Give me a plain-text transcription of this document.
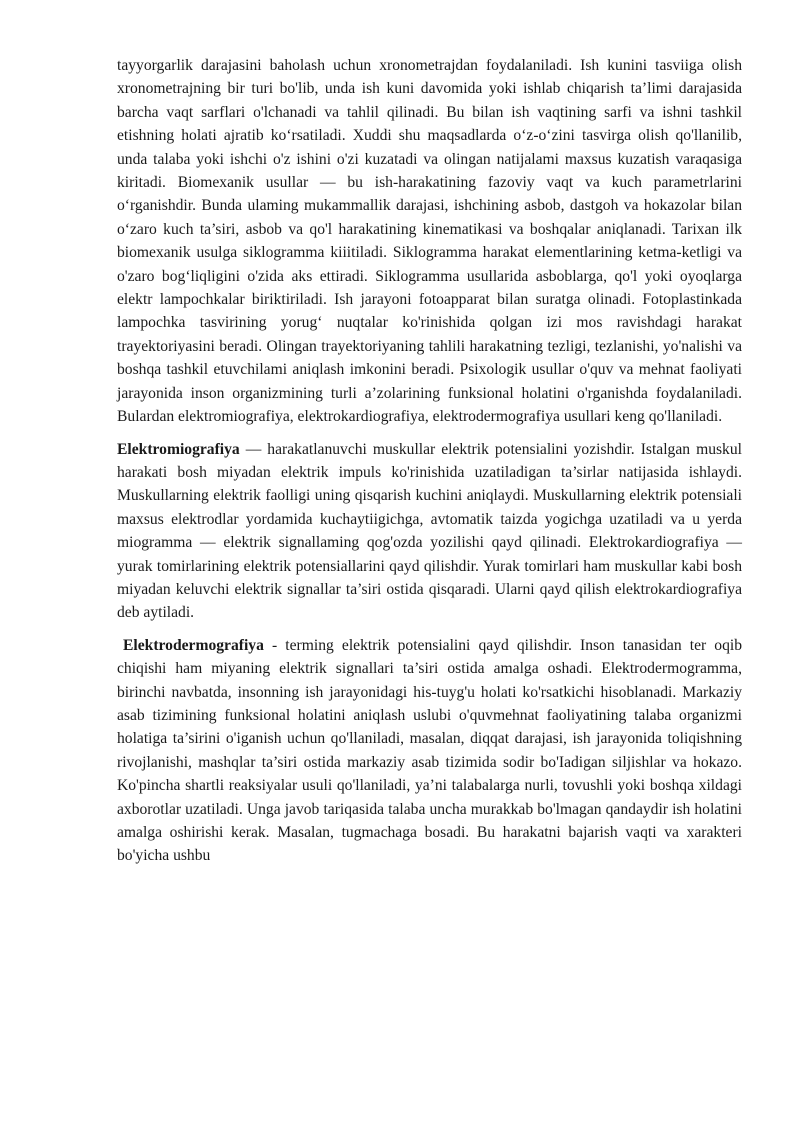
tayyorgarlik darajasini baholash uchun xronometrajdan foydalaniladi. Ish kunini tasviiga olish xronometrajning bir turi bo'lib, unda ish kuni davomida yoki ishlab chiqarish ta’limi darajasida barcha vaqt sarflari o'lchanadi va tahlil qilinadi. Bu bilan ish vaqtining sarfi va ishni tashkil etishning holati ajratib ko‘rsatiladi. Xuddi shu maqsadlarda o‘z-o‘zini tasvirga olish qo'llanilib, unda talaba yoki ishchi o'z ishini o'zi kuzatadi va olingan natijalami maxsus kuzatish varaqasiga kiritadi. Biomexanik usullar — bu ish-harakatining fazoviy vaqt va kuch parametrlarini o‘rganishdir. Bunda ulaming mukammallik darajasi, ishchining asbob, dastgoh va hokazolar bilan o‘zaro kuch ta’siri, asbob va qo'l harakatining kinematikasi va boshqalar aniqlanadi. Tarixan ilk biomexanik usulga siklogramma kiiitiladi. Siklogramma harakat elementlarining ketma-ketligi va o'zaro bog‘liqligini o'zida aks ettiradi. Siklogramma usullarida asboblarga, qo'l yoki oyoqlarga elektr lampochkalar biriktiriladi. Ish jarayoni fotoapparat bilan suratga olinadi. Fotoplastinkada lampochka tasvirining yorug‘ nuqtalar ko'rinishida qolgan izi mos ravishdagi harakat trayektoriyasini beradi. Olingan trayektoriyaning tahlili harakatning tezligi, tezlanishi, yo'nalishi va boshqa tashkil etuvchilami aniqlash imkonini beradi. Psixologik usullar o'quv va mehnat faoliyati jarayonida inson organizmining turli a’zolarining funksional holatini o'rganishda foydalaniladi. Bulardan elektromiografiya, elektrokardiografiya, elektrodermografiya usullari keng qo'llaniladi.

Elektromiografiya — harakatlanuvchi muskullar elektrik potensialini yozishdir. Istalgan muskul harakati bosh miyadan elektrik impuls ko'rinishida uzatiladigan ta’sirlar natijasida ishlaydi. Muskullarning elektrik faolligi uning qisqarish kuchini aniqlaydi. Muskullarning elektrik potensiali maxsus elektrodlar yordamida kuchaytiigichga, avtomatik taizda yogichga uzatiladi va u yerda miogramma — elektrik signallaming qog'ozda yozilishi qayd qilinadi. Elektrokardiografiya — yurak tomirlarining elektrik potensiallarini qayd qilishdir. Yurak tomirlari ham muskullar kabi bosh miyadan keluvchi elektrik signallar ta’siri ostida qisqaradi. Ularni qayd qilish elektrokardiografiya deb aytiladi.

Elektrodermografiya - terming elektrik potensialini qayd qilishdir. Inson tanasidan ter oqib chiqishi ham miyaning elektrik signallari ta’siri ostida amalga oshadi. Elektrodermogramma, birinchi navbatda, insonning ish jarayonidagi his-tuyg'u holati ko'rsatkichi hisoblanadi. Markaziy asab tizimining funksional holatini aniqlash uslubi o'quvmehnat faoliyatining talaba organizmi holatiga ta’sirini o'iganish uchun qo'llaniladi, masalan, diqqat darajasi, ish jarayonida toliqishning rivojlanishi, mashqlar ta’siri ostida markaziy asab tizimida sodir bo'Iadigan siljishlar va hokazo. Ko'pincha shartli reaksiyalar usuli qo'llaniladi, ya’ni talabalarga nurli, tovushli yoki boshqa xildagi axborotlar uzatiladi. Unga javob tariqasida talaba uncha murakkab bo'lmagan qandaydir ish holatini amalga oshirishi kerak. Masalan, tugmachaga bosadi. Bu harakatni bajarish vaqti va xarakteri bo'yicha ushbu
